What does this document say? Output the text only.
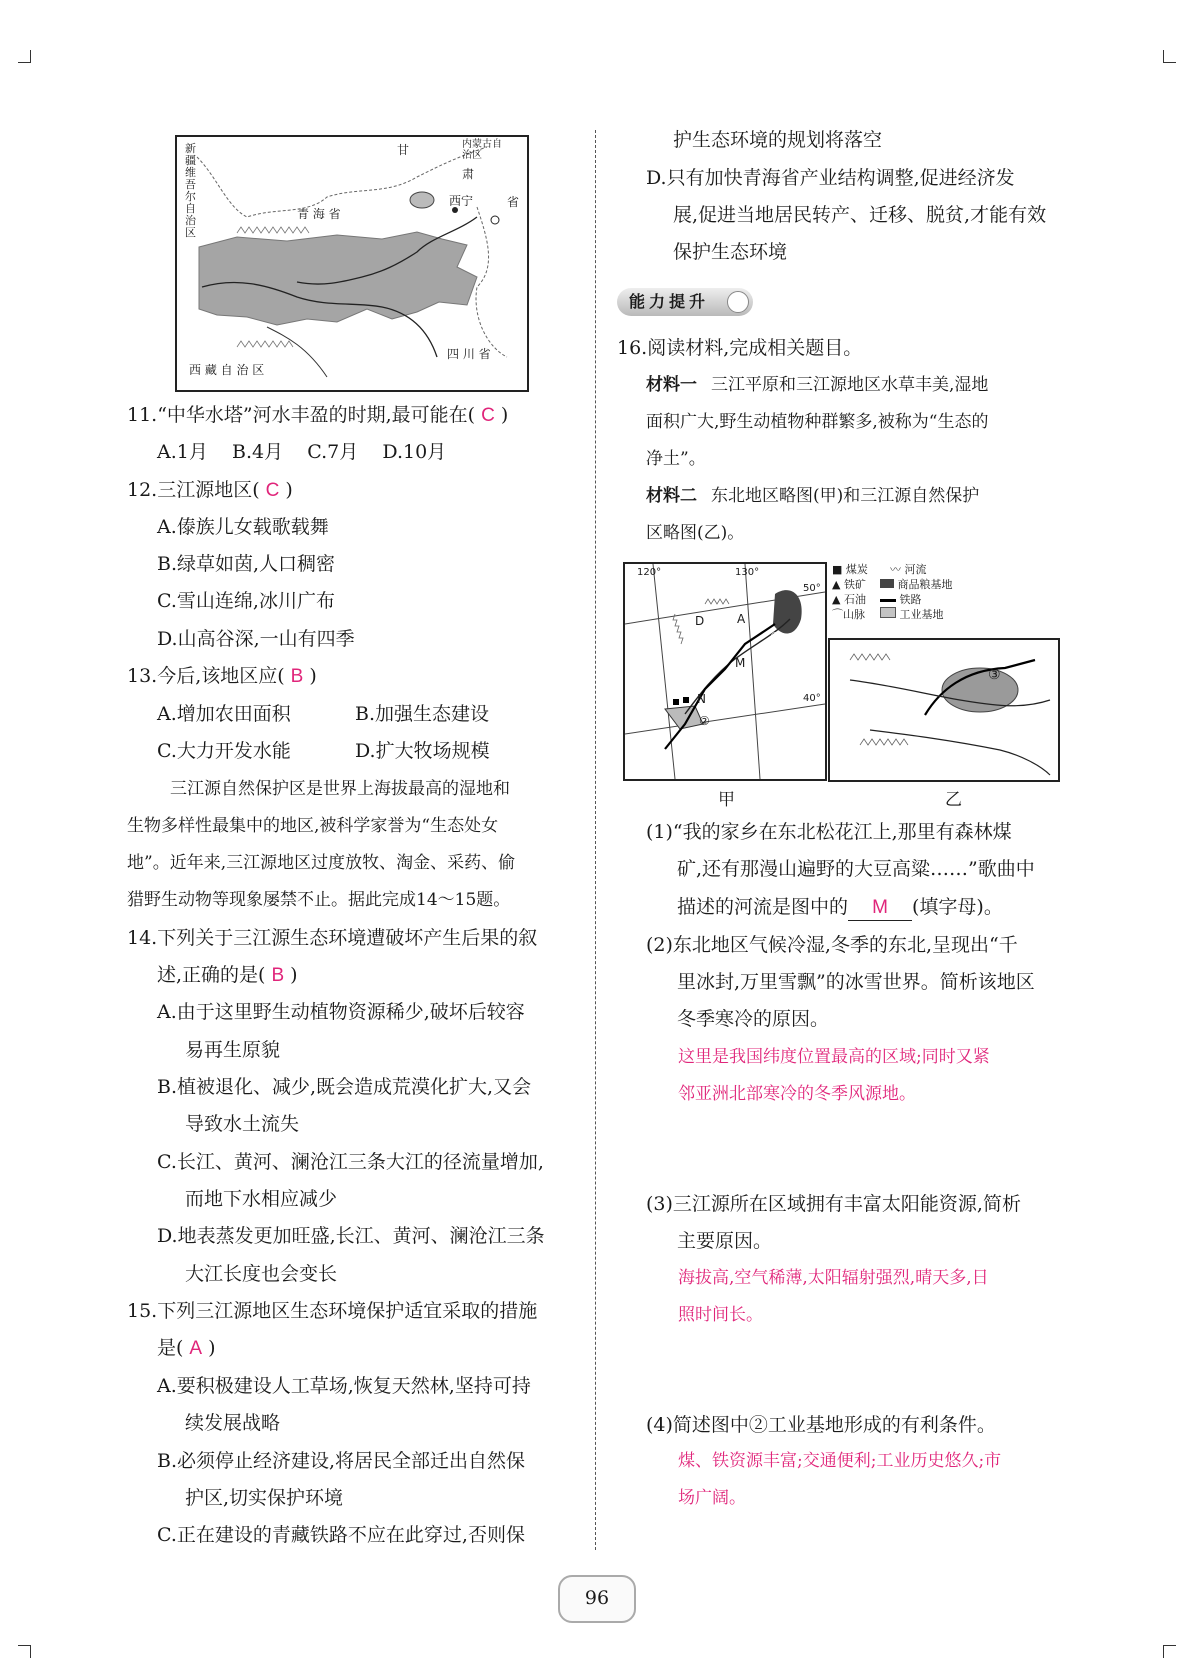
新疆维吾尔自治区
甘
肃
省
内蒙古自治区
青 海 省
西宁
西 藏 自 治 区
四 川 省
11.“中华水塔”河水丰盈的时期,最可能在( C )
A.1月    B.4月    C.7月    D.10月
12.三江源地区( C )
A.傣族儿女载歌载舞
B.绿草如茵,人口稠密
C.雪山连绵,冰川广布
D.山高谷深,一山有四季
13.今后,该地区应( B )
A.增加农田面积	B.加强生态建设
C.大力开发水能	D.扩大牧场规模
三江源自然保护区是世界上海拔最高的湿地和
生物多样性最集中的地区,被科学家誉为“生态处女
地”。近年来,三江源地区过度放牧、淘金、采药、偷
猎野生动物等现象屡禁不止。据此完成14～15题。
14.下列关于三江源生态环境遭破坏产生后果的叙
述,正确的是( B )
A.由于这里野生动植物资源稀少,破坏后较容
易再生原貌
B.植被退化、减少,既会造成荒漠化扩大,又会
导致水土流失
C.长江、黄河、澜沧江三条大江的径流量增加,
而地下水相应减少
D.地表蒸发更加旺盛,长江、黄河、澜沧江三条
大江长度也会变长
15.下列三江源地区生态环境保护适宜采取的措施
是( A )
A.要积极建设人工草场,恢复天然林,坚持可持
续发展战略
B.必须停止经济建设,将居民全部迁出自然保
护区,切实保护环境
C.正在建设的青藏铁路不应在此穿过,否则保
护生态环境的规划将落空
D.只有加快青海省产业结构调整,促进经济发
展,促进当地居民转产、迁移、脱贫,才能有效
保护生态环境
能力提升
16.阅读材料,完成相关题目。
材料一 三江平原和三江源地区水草丰美,湿地
面积广大,野生动植物种群繁多,被称为“生态的
净土”。
材料二 东北地区略图(甲)和三江源自然保护
区略图(乙)。
120°	130°
50°
40°
A
B
D
M
N
①
②
■ 煤炭 〰 河流
▲ 铁矿	商品粮基地
▲ 石油	铁路
⌒山脉	工业基地
③
甲	乙
(1)“我的家乡在东北松花江上,那里有森林煤
矿,还有那漫山遍野的大豆高粱……”歌曲中
描述的河流是图中的 M (填字母)。
(2)东北地区气候冷湿,冬季的东北,呈现出“千
里冰封,万里雪飘”的冰雪世界。简析该地区
冬季寒冷的原因。
这里是我国纬度位置最高的区域;同时又紧
邻亚洲北部寒冷的冬季风源地。
(3)三江源所在区域拥有丰富太阳能资源,简析
主要原因。
海拔高,空气稀薄,太阳辐射强烈,晴天多,日
照时间长。
(4)简述图中②工业基地形成的有利条件。
煤、铁资源丰富;交通便利;工业历史悠久;市
场广阔。
96
